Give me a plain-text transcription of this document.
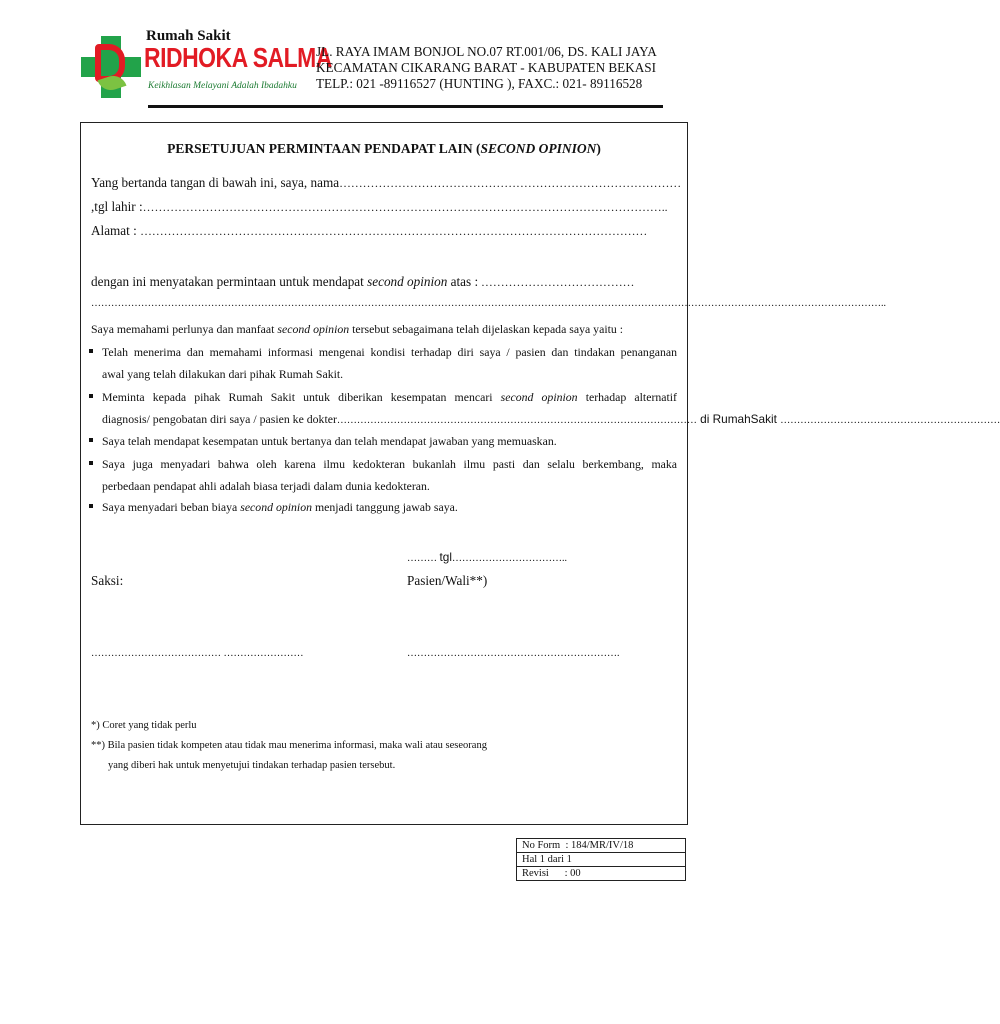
Rumah Sakit
RIDHOKA SALMA
Keikhlasan Melayani Adalah Ibadahku
JL. RAYA IMAM BONJOL NO.07 RT.001/06, DS. KALI JAYA
KECAMATAN CIKARANG BARAT - KABUPATEN BEKASI
TELP.: 021 -89116527 (HUNTING ), FAXC.: 021- 89116528
PERSETUJUAN PERMINTAAN PENDAPAT LAIN (SECOND OPINION)
Yang bertanda tangan di bawah ini, saya, nama……………………………………………………………………………
,tgl lahir :……………………………………………………………………………………………………………………..
Alamat : …………………………………………………………………………………………………………………
dengan ini menyatakan permintaan untuk mendapat second opinion atas : …………………………………
…………………………………………………………………………………………………………………………………………………………………………………………………………………..
Saya memahami perlunya dan manfaat second opinion tersebut sebagaimana telah dijelaskan kepada saya yaitu :
Telah menerima dan memahami informasi mengenai kondisi terhadap diri saya / pasien dan tindakan penanganan
awal yang telah dilakukan dari pihak Rumah Sakit.
Meminta kepada pihak Rumah Sakit untuk diberikan kesempatan mencari second opinion terhadap alternatif
diagnosis/ pengobatan diri saya / pasien ke dokter……………………………………………………………………………………………… di RumahSakit …………………………………………………………
Saya telah mendapat kesempatan untuk bertanya dan telah mendapat jawaban yang memuaskan.
Saya juga menyadari bahwa oleh karena ilmu kedokteran bukanlah ilmu pasti dan selalu berkembang, maka
perbedaan pendapat ahli adalah biasa terjadi dalam dunia kedokteran.
Saya menyadari beban biaya second opinion menjadi tanggung jawab saya.
……… tgl……………………………..
Saksi:	Pasien/Wali**)
………………………………… ……………………	……………………………………………………….
*) Coret yang tidak perlu
**) Bila pasien tidak kompeten atau tidak mau menerima informasi, maka wali atau seseorang
yang diberi hak untuk menyetujui tindakan terhadap pasien tersebut.
No Form  : 184/MR/IV/18
Hal 1 dari 1
Revisi      : 00
